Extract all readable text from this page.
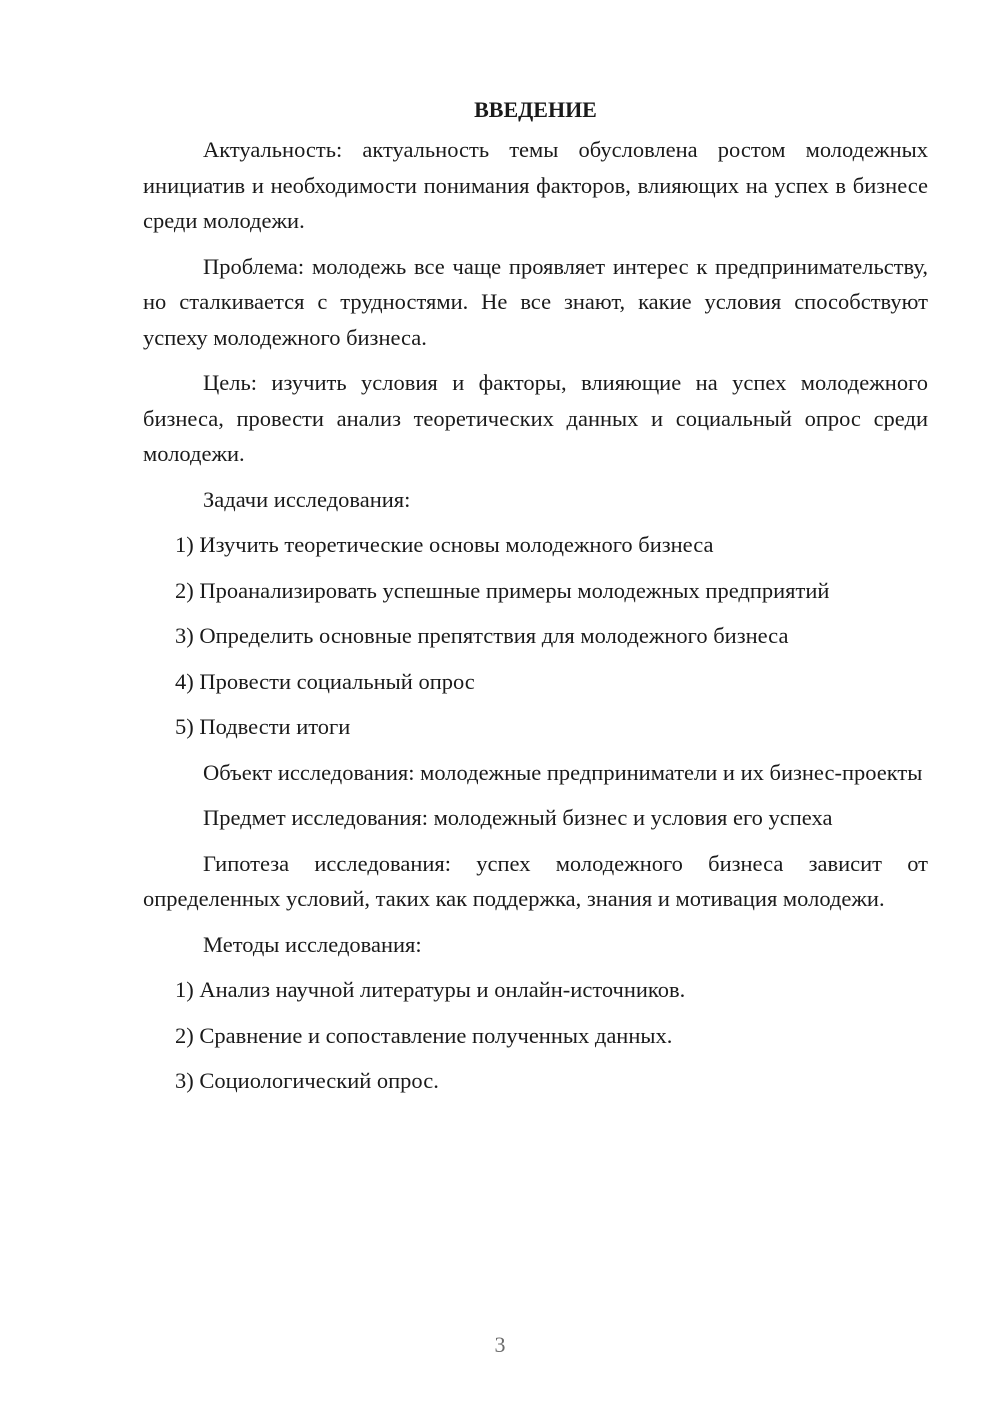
ВВЕДЕНИЕ

Актуальность: актуальность темы обусловлена ростом молодежных инициатив и необходимости понимания факторов, влияющих на успех в бизнесе среди молодежи.

Проблема: молодежь все чаще проявляет интерес к предпринимательству, но сталкивается с трудностями. Не все знают, какие условия способствуют успеху молодежного бизнеса.

Цель: изучить условия и факторы, влияющие на успех молодежного бизнеса, провести анализ теоретических данных и социальный опрос среди молодежи.

Задачи исследования:

1) Изучить теоретические основы молодежного бизнеса
2) Проанализировать успешные примеры молодежных предприятий
3) Определить основные препятствия для молодежного бизнеса
4) Провести социальный опрос
5) Подвести итоги

Объект исследования: молодежные предприниматели и их бизнес-проекты

Предмет исследования: молодежный бизнес и условия его успеха

Гипотеза исследования: успех молодежного бизнеса зависит от определенных условий, таких как поддержка, знания и мотивация молодежи.

Методы исследования:

1) Анализ научной литературы и онлайн-источников.
2) Сравнение и сопоставление полученных данных.
3) Социологический опрос.
3
